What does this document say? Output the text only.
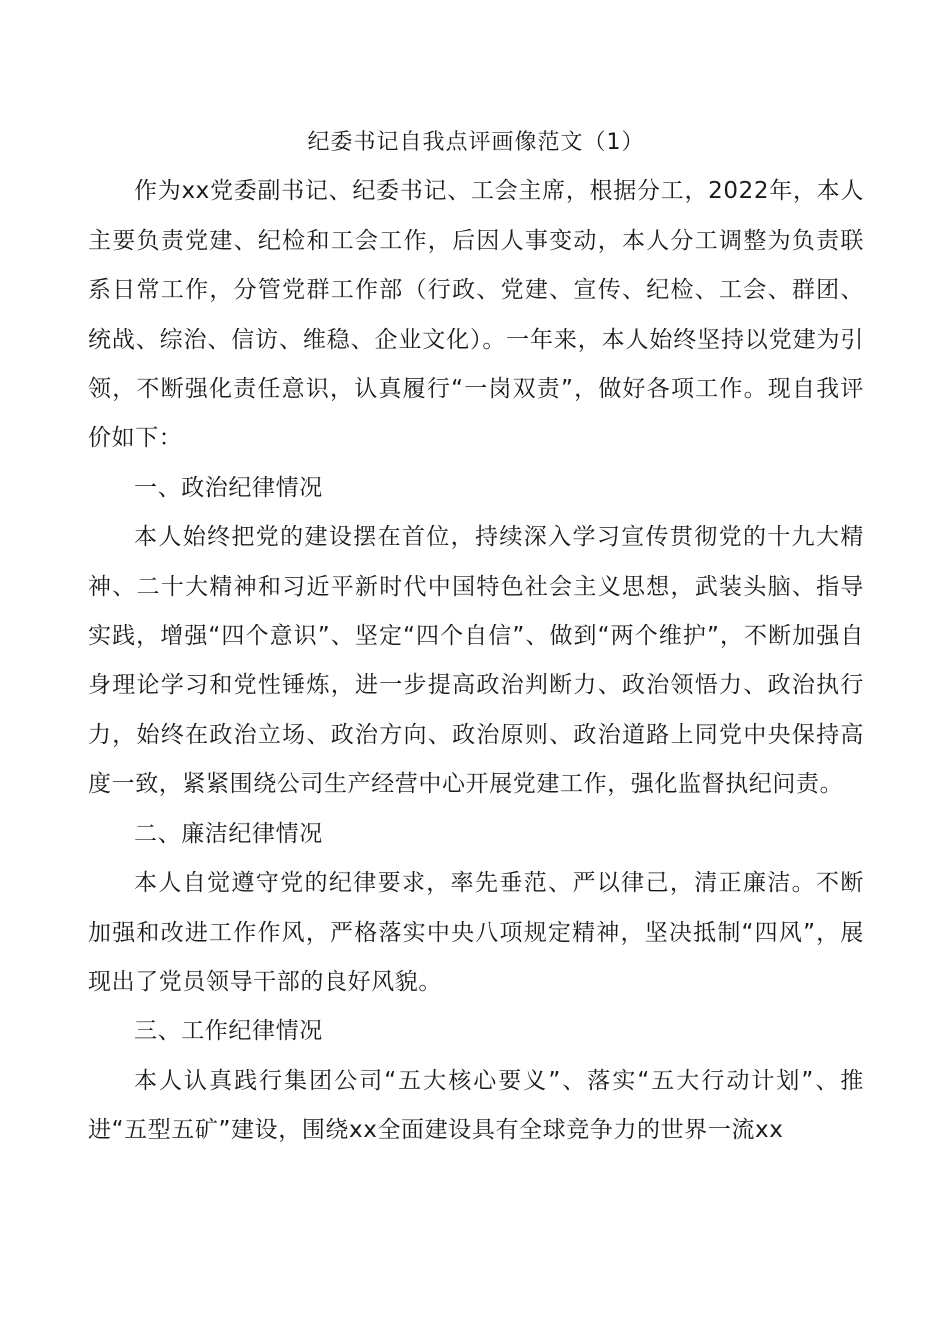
纪委书记自我点评画像范文（1）

作为xx党委副书记、纪委书记、工会主席，根据分工，2022年，本人主要负责党建、纪检和工会工作，后因人事变动，本人分工调整为负责联系日常工作，分管党群工作部（行政、党建、宣传、纪检、工会、群团、统战、综治、信访、维稳、企业文化）。一年来，本人始终坚持以党建为引领，不断强化责任意识，认真履行“一岗双责”，做好各项工作。现自我评价如下：

一、政治纪律情况

本人始终把党的建设摆在首位，持续深入学习宣传贯彻党的十九大精神、二十大精神和习近平新时代中国特色社会主义思想，武装头脑、指导实践，增强“四个意识”、坚定“四个自信”、做到“两个维护”，不断加强自身理论学习和党性锤炼，进一步提高政治判断力、政治领悟力、政治执行力，始终在政治立场、政治方向、政治原则、政治道路上同党中央保持高度一致，紧紧围绕公司生产经营中心开展党建工作，强化监督执纪问责。

二、廉洁纪律情况

本人自觉遵守党的纪律要求，率先垂范、严以律己，清正廉洁。不断加强和改进工作作风，严格落实中央八项规定精神，坚决抵制“四风”，展现出了党员领导干部的良好风貌。

三、工作纪律情况

本人认真践行集团公司“五大核心要义”、落实“五大行动计划”、推进“五型五矿”建设，围绕xx全面建设具有全球竞争力的世界一流xx
